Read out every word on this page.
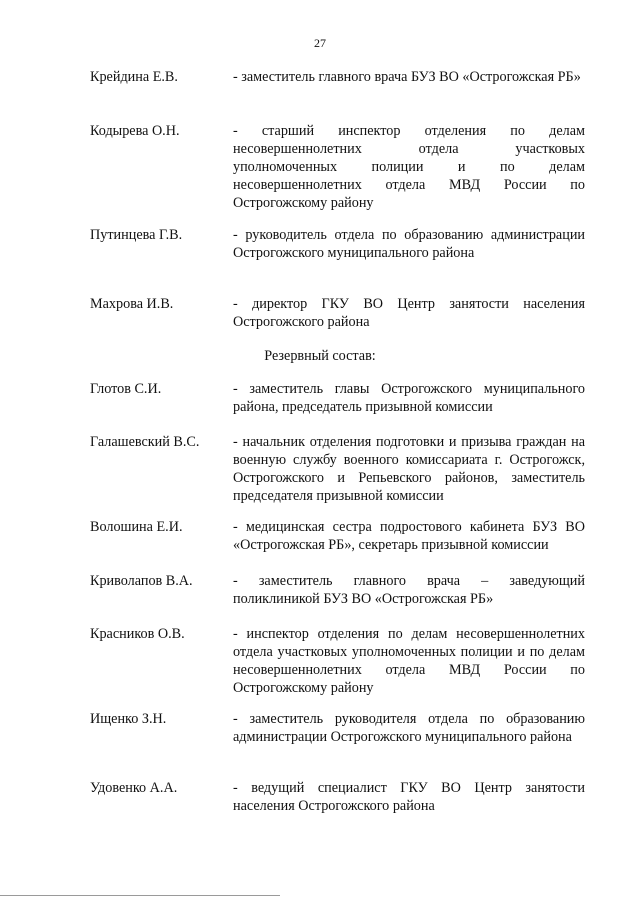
27
Крейдина Е.В.	- заместитель главного врача БУЗ ВО «Острогожская РБ»
Кодырева О.Н.	- старший инспектор отделения по делам несовершеннолетних отдела участковых уполномоченных полиции и по делам несовершеннолетних отдела МВД России по Острогожскому району
Путинцева Г.В.	- руководитель отдела по образованию администрации Острогожского муниципального района
Махрова И.В.	- директор ГКУ ВО Центр занятости населения Острогожского района
Резервный состав:
Глотов С.И.	- заместитель главы Острогожского муниципального района, председатель призывной комиссии
Галашевский В.С.	- начальник отделения подготовки и призыва граждан на военную службу военного комиссариата г. Острогожск, Острогожского и Репьевского районов, заместитель председателя призывной комиссии
Волошина Е.И.	- медицинская сестра подростового кабинета БУЗ ВО «Острогожская РБ», секретарь призывной комиссии
Криволапов В.А.	- заместитель главного врача – заведующий поликлиникой БУЗ ВО «Острогожская РБ»
Красников О.В.	- инспектор отделения по делам несовершеннолетних отдела участковых уполномоченных полиции и по делам несовершеннолетних отдела МВД России по Острогожскому району
Ищенко З.Н.	- заместитель руководителя отдела по образованию администрации Острогожского муниципального района
Удовенко А.А.	- ведущий специалист ГКУ ВО Центр занятости населения Острогожского района
